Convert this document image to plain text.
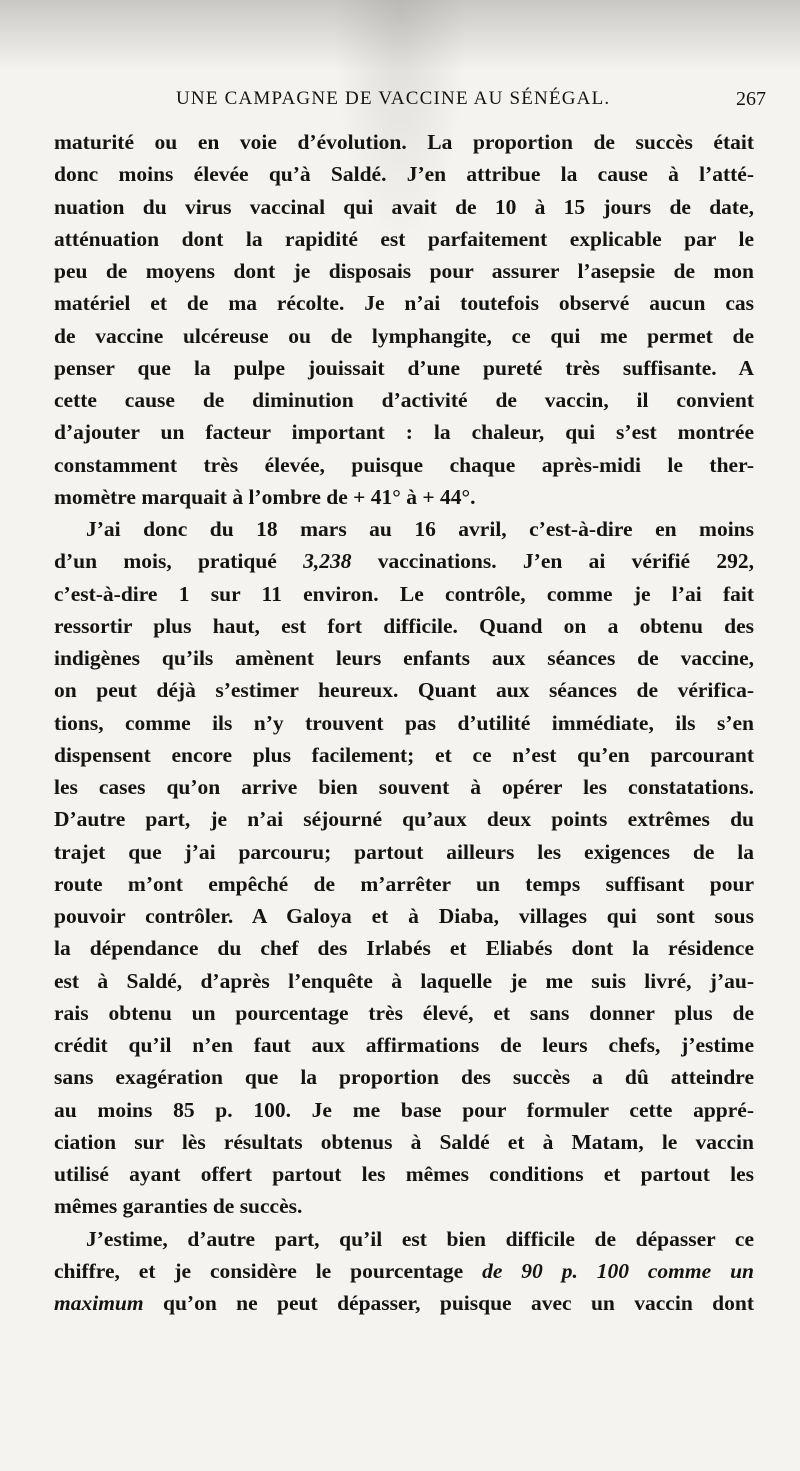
UNE CAMPAGNE DE VACCINE AU SÉNÉGAL.	267
maturité ou en voie d’évolution. La proportion de succès était
donc moins élevée qu’à Saldé. J’en attribue la cause à l’atté-
nuation du virus vaccinal qui avait de 10 à 15 jours de date,
atténuation dont la rapidité est parfaitement explicable par le
peu de moyens dont je disposais pour assurer l’asepsie de mon
matériel et de ma récolte. Je n’ai toutefois observé aucun cas
de vaccine ulcéreuse ou de lymphangite, ce qui me permet de
penser que la pulpe jouissait d’une pureté très suffisante. A
cette cause de diminution d’activité de vaccin, il convient
d’ajouter un facteur important : la chaleur, qui s’est montrée
constamment très élevée, puisque chaque après-midi le ther-
momètre marquait à l’ombre de + 41° à + 44°.
J’ai donc du 18 mars au 16 avril, c’est-à-dire en moins
d’un mois, pratiqué 3,238 vaccinations. J’en ai vérifié 292,
c’est-à-dire 1 sur 11 environ. Le contrôle, comme je l’ai fait
ressortir plus haut, est fort difficile. Quand on a obtenu des
indigènes qu’ils amènent leurs enfants aux séances de vaccine,
on peut déjà s’estimer heureux. Quant aux séances de vérifica-
tions, comme ils n’y trouvent pas d’utilité immédiate, ils s’en
dispensent encore plus facilement; et ce n’est qu’en parcourant
les cases qu’on arrive bien souvent à opérer les constatations.
D’autre part, je n’ai séjourné qu’aux deux points extrêmes du
trajet que j’ai parcouru; partout ailleurs les exigences de la
route m’ont empêché de m’arrêter un temps suffisant pour
pouvoir contrôler. A Galoya et à Diaba, villages qui sont sous
la dépendance du chef des Irlabés et Eliabés dont la résidence
est à Saldé, d’après l’enquête à laquelle je me suis livré, j’au-
rais obtenu un pourcentage très élevé, et sans donner plus de
crédit qu’il n’en faut aux affirmations de leurs chefs, j’estime
sans exagération que la proportion des succès a dû atteindre
au moins 85 p. 100. Je me base pour formuler cette appré-
ciation sur lès résultats obtenus à Saldé et à Matam, le vaccin
utilisé ayant offert partout les mêmes conditions et partout les
mêmes garanties de succès.
J’estime, d’autre part, qu’il est bien difficile de dépasser ce
chiffre, et je considère le pourcentage de 90 p. 100 comme un
maximum qu’on ne peut dépasser, puisque avec un vaccin dont
